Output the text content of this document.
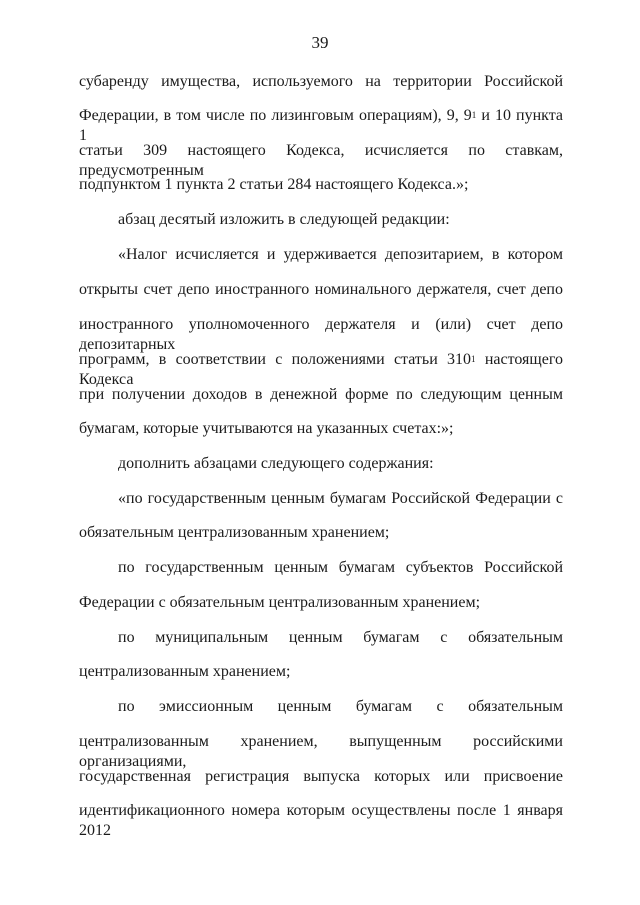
39
субаренду имущества, используемого на территории Российской
Федерации, в том числе по лизинговым операциям), 9, $9^1$ и 10 пункта 1
статьи 309 настоящего Кодекса, исчисляется по ставкам, предусмотренным
подпунктом 1 пункта 2 статьи 284 настоящего Кодекса.»;
абзац десятый изложить в следующей редакции:
«Налог исчисляется и удерживается депозитарием, в котором
открыты счет депо иностранного номинального держателя, счет депо
иностранного уполномоченного держателя и (или) счет депо депозитарных
программ, в соответствии с положениями статьи $310^1$ настоящего Кодекса
при получении доходов в денежной форме по следующим ценным
бумагам, которые учитываются на указанных счетах:»;
дополнить абзацами следующего содержания:
«по государственным ценным бумагам Российской Федерации с
обязательным централизованным хранением;
по государственным ценным бумагам субъектов Российской
Федерации с обязательным централизованным хранением;
по муниципальным ценным бумагам с обязательным
централизованным хранением;
по эмиссионным ценным бумагам с обязательным
централизованным хранением, выпущенным российскими организациями,
государственная регистрация выпуска которых или присвоение
идентификационного номера которым осуществлены после 1 января 2012
